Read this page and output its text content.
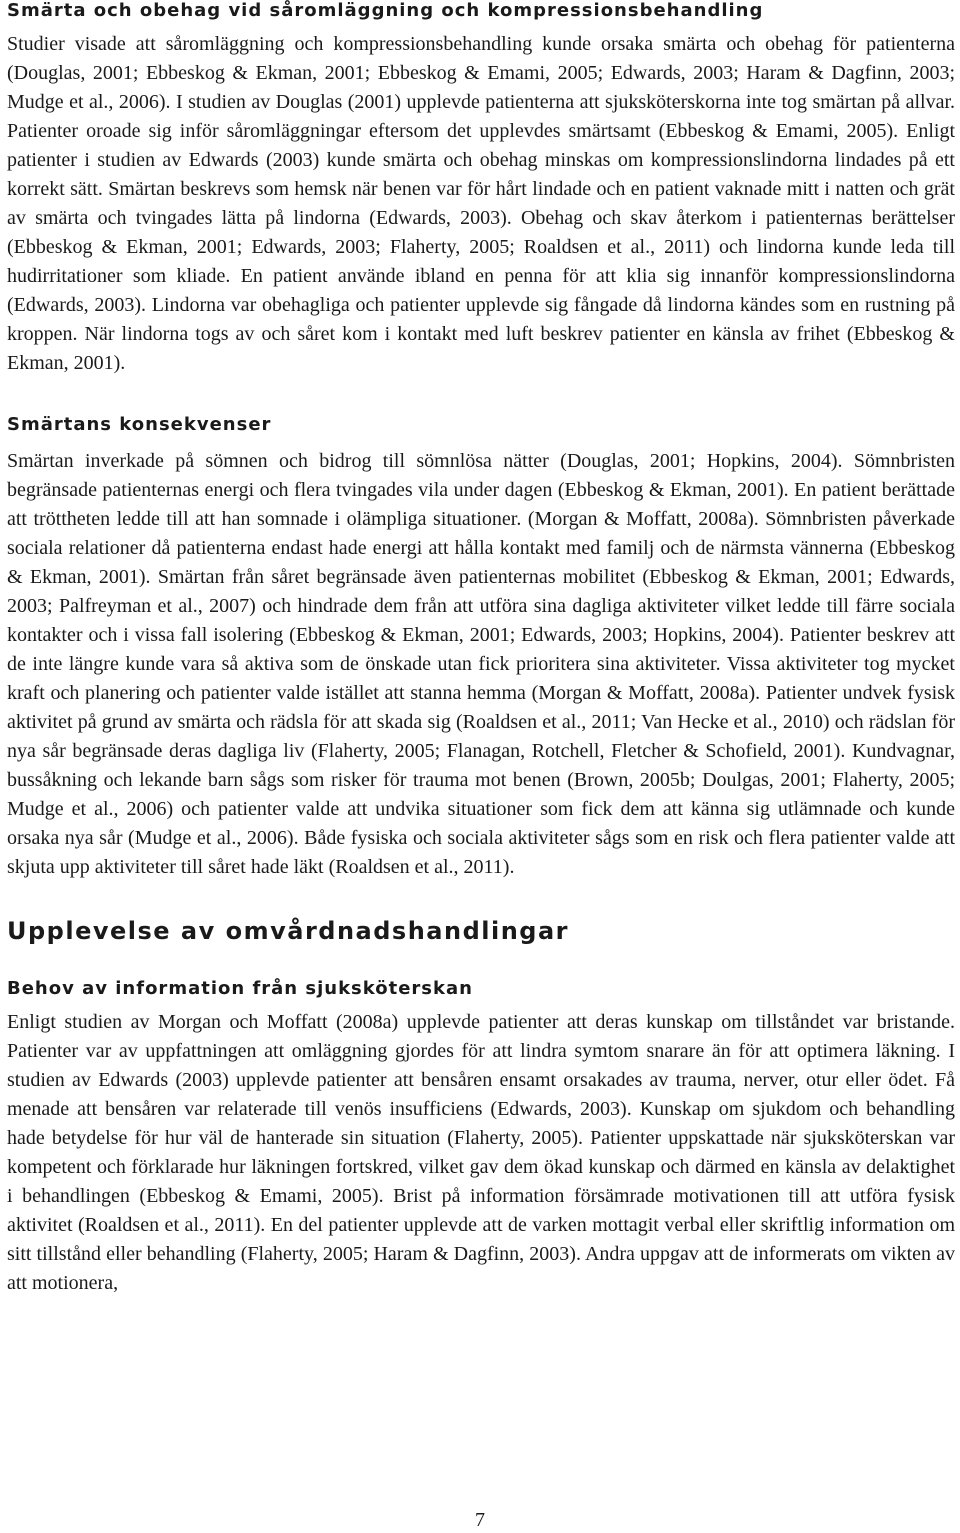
Smärta och obehag vid såromläggning och kompressionsbehandling

Studier visade att såromläggning och kompressionsbehandling kunde orsaka smärta och obehag för patienterna (Douglas, 2001; Ebbeskog & Ekman, 2001; Ebbeskog & Emami, 2005; Edwards, 2003; Haram & Dagfinn, 2003; Mudge et al., 2006). I studien av Douglas (2001) upplevde patienterna att sjuksköterskorna inte tog smärtan på allvar. Patienter oroade sig inför såromläggningar eftersom det upplevdes smärtsamt (Ebbeskog & Emami, 2005). Enligt patienter i studien av Edwards (2003) kunde smärta och obehag minskas om kompressionslindorna lindades på ett korrekt sätt. Smärtan beskrevs som hemsk när benen var för hårt lindade och en patient vaknade mitt i natten och grät av smärta och tvingades lätta på lindorna (Edwards, 2003). Obehag och skav återkom i patienternas berättelser (Ebbeskog & Ekman, 2001; Edwards, 2003; Flaherty, 2005; Roaldsen et al., 2011) och lindorna kunde leda till hudirritationer som kliade. En patient använde ibland en penna för att klia sig innanför kompressionslindorna (Edwards, 2003). Lindorna var obehagliga och patienter upplevde sig fångade då lindorna kändes som en rustning på kroppen. När lindorna togs av och såret kom i kontakt med luft beskrev patienter en känsla av frihet (Ebbeskog & Ekman, 2001).

Smärtans konsekvenser

Smärtan inverkade på sömnen och bidrog till sömnlösa nätter (Douglas, 2001; Hopkins, 2004). Sömnbristen begränsade patienternas energi och flera tvingades vila under dagen (Ebbeskog & Ekman, 2001). En patient berättade att tröttheten ledde till att han somnade i olämpliga situationer. (Morgan & Moffatt, 2008a). Sömnbristen påverkade sociala relationer då patienterna endast hade energi att hålla kontakt med familj och de närmsta vännerna (Ebbeskog & Ekman, 2001). Smärtan från såret begränsade även patienternas mobilitet (Ebbeskog & Ekman, 2001; Edwards, 2003; Palfreyman et al., 2007) och hindrade dem från att utföra sina dagliga aktiviteter vilket ledde till färre sociala kontakter och i vissa fall isolering (Ebbeskog & Ekman, 2001; Edwards, 2003; Hopkins, 2004). Patienter beskrev att de inte längre kunde vara så aktiva som de önskade utan fick prioritera sina aktiviteter. Vissa aktiviteter tog mycket kraft och planering och patienter valde istället att stanna hemma (Morgan & Moffatt, 2008a). Patienter undvek fysisk aktivitet på grund av smärta och rädsla för att skada sig (Roaldsen et al., 2011; Van Hecke et al., 2010) och rädslan för nya sår begränsade deras dagliga liv (Flaherty, 2005; Flanagan, Rotchell, Fletcher & Schofield, 2001). Kundvagnar, bussåkning och lekande barn sågs som risker för trauma mot benen (Brown, 2005b; Doulgas, 2001; Flaherty, 2005; Mudge et al., 2006) och patienter valde att undvika situationer som fick dem att känna sig utlämnade och kunde orsaka nya sår (Mudge et al., 2006). Både fysiska och sociala aktiviteter sågs som en risk och flera patienter valde att skjuta upp aktiviteter till såret hade läkt (Roaldsen et al., 2011).

Upplevelse av omvårdnadshandlingar
Behov av information från sjuksköterskan

Enligt studien av Morgan och Moffatt (2008a) upplevde patienter att deras kunskap om tillståndet var bristande. Patienter var av uppfattningen att omläggning gjordes för att lindra symtom snarare än för att optimera läkning. I studien av Edwards (2003) upplevde patienter att bensåren ensamt orsakades av trauma, nerver, otur eller ödet. Få menade att bensåren var relaterade till venös insufficiens (Edwards, 2003). Kunskap om sjukdom och behandling hade betydelse för hur väl de hanterade sin situation (Flaherty, 2005). Patienter uppskattade när sjuksköterskan var kompetent och förklarade hur läkningen fortskred, vilket gav dem ökad kunskap och därmed en känsla av delaktighet i behandlingen (Ebbeskog & Emami, 2005). Brist på information försämrade motivationen till att utföra fysisk aktivitet (Roaldsen et al., 2011). En del patienter upplevde att de varken mottagit verbal eller skriftlig information om sitt tillstånd eller behandling (Flaherty, 2005; Haram & Dagfinn, 2003). Andra uppgav att de informerats om vikten av att motionera,

7
